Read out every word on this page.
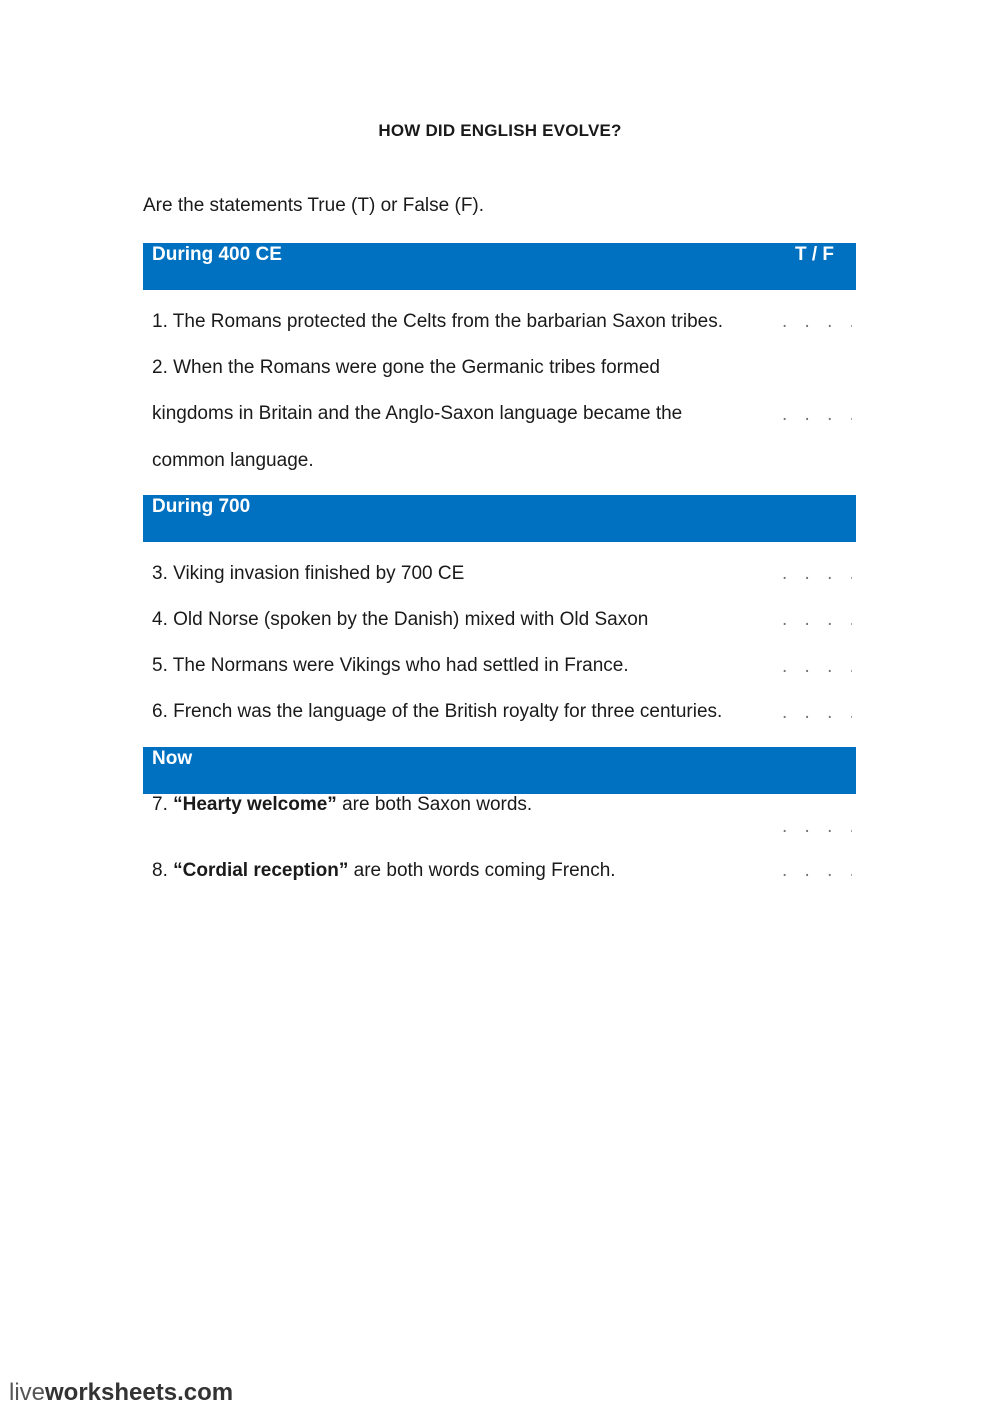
HOW DID ENGLISH EVOLVE?
Are the statements True (T) or False (F).
During 400 CE	T / F
1. The Romans protected the Celts from the barbarian Saxon tribes.
. . . .
2. When the Romans were gone the Germanic tribes formed
kingdoms in Britain and the Anglo-Saxon language became the
common language.
. . . .
During 700
3. Viking invasion finished by 700 CE
. . . .
4. Old Norse (spoken by the Danish) mixed with Old Saxon
. . . .
5. The Normans were Vikings who had settled in France.
. . . .
6. French was the language of the British royalty for three centuries.
. . . .
Now
7. “Hearty welcome” are both Saxon words.
. . . .
8. “Cordial reception” are both words coming French.
. . . .
liveworksheets.com
